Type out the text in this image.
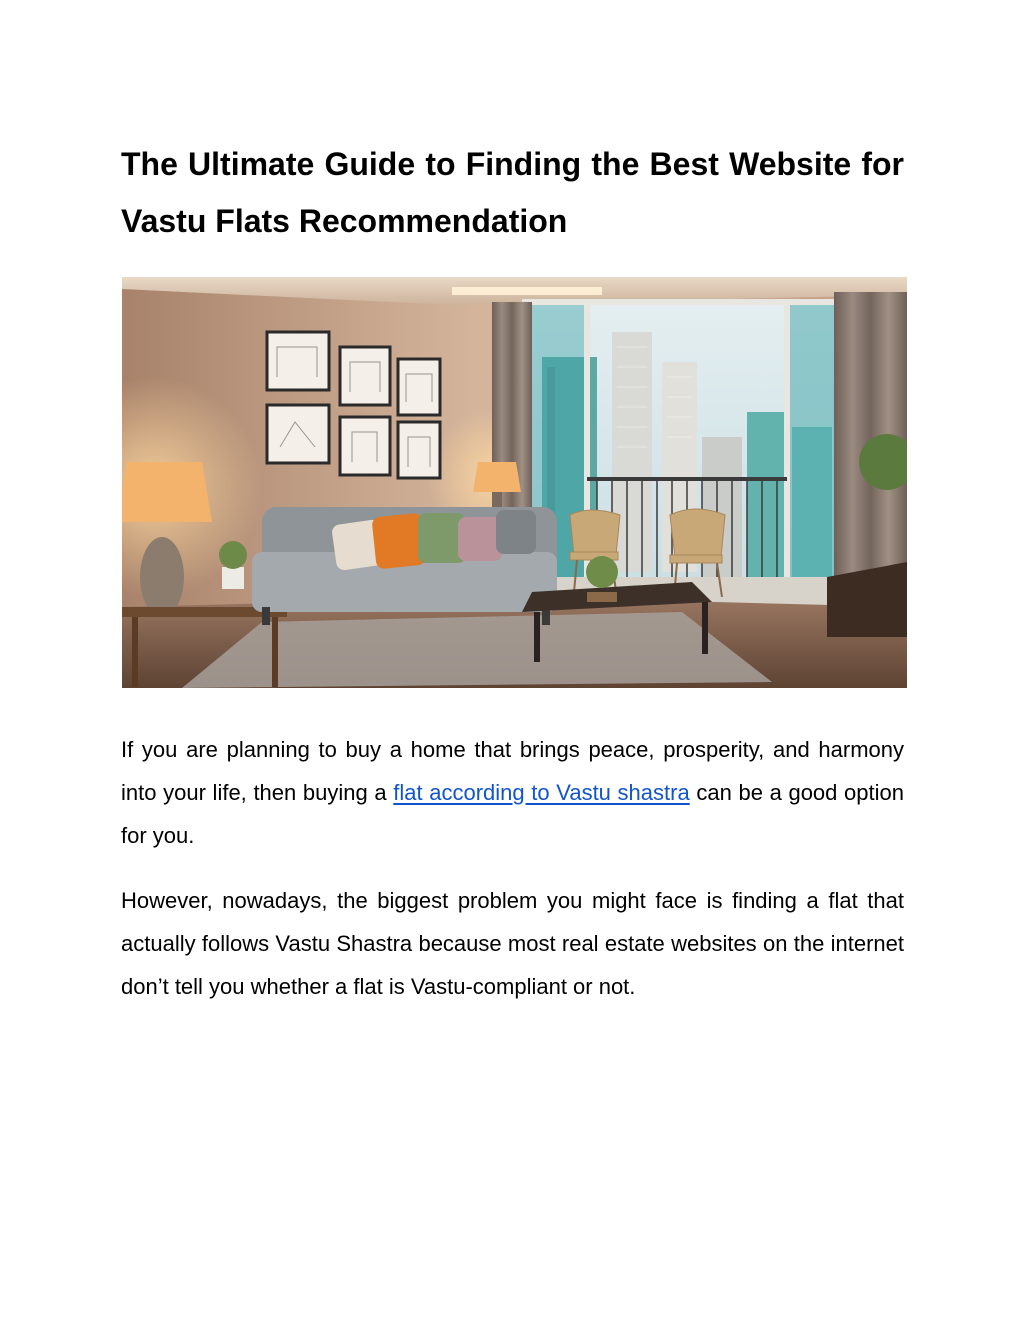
The Ultimate Guide to Finding the Best Website for Vastu Flats Recommendation

If you are planning to buy a home that brings peace, prosperity, and harmony into your life, then buying a flat according to Vastu shastra can be a good option for you.

However, nowadays, the biggest problem you might face is finding a flat that actually follows Vastu Shastra because most real estate websites on the internet don’t tell you whether a flat is Vastu-compliant or not.
